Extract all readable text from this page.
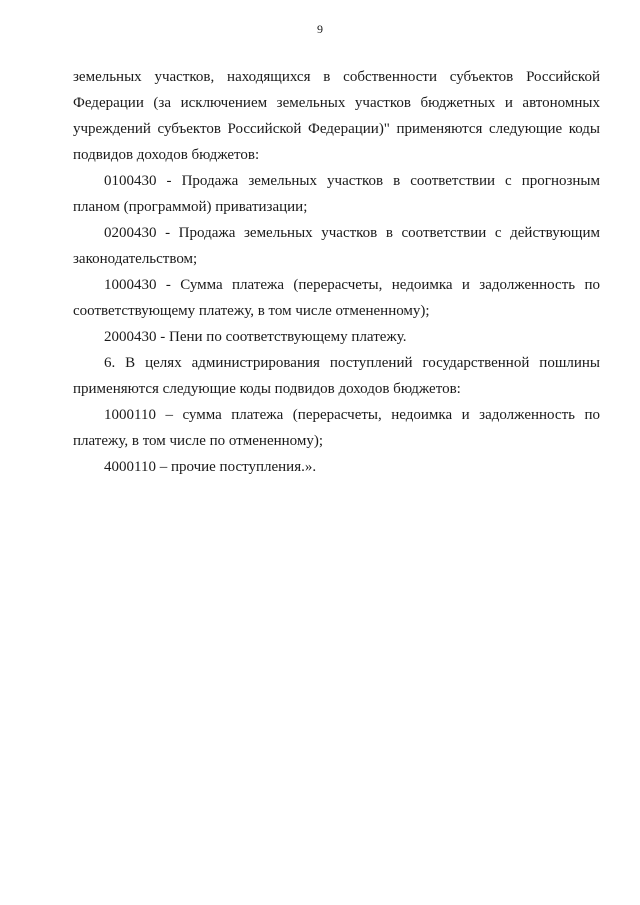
9

земельных участков, находящихся в собственности субъектов Российской Федерации (за исключением земельных участков бюджетных и автономных учреждений субъектов Российской Федерации)" применяются следующие коды подвидов доходов бюджетов:

0100430 - Продажа земельных участков в соответствии с прогнозным планом (программой) приватизации;

0200430 - Продажа земельных участков в соответствии с действующим законодательством;

1000430 - Сумма платежа (перерасчеты, недоимка и задолженность по соответствующему платежу, в том числе отмененному);

2000430 - Пени по соответствующему платежу.

6. В целях администрирования поступлений государственной пошлины применяются следующие коды подвидов доходов бюджетов:

1000110 – сумма платежа (перерасчеты, недоимка и задолженность по платежу, в том числе по отмененному);

4000110 – прочие поступления.».
